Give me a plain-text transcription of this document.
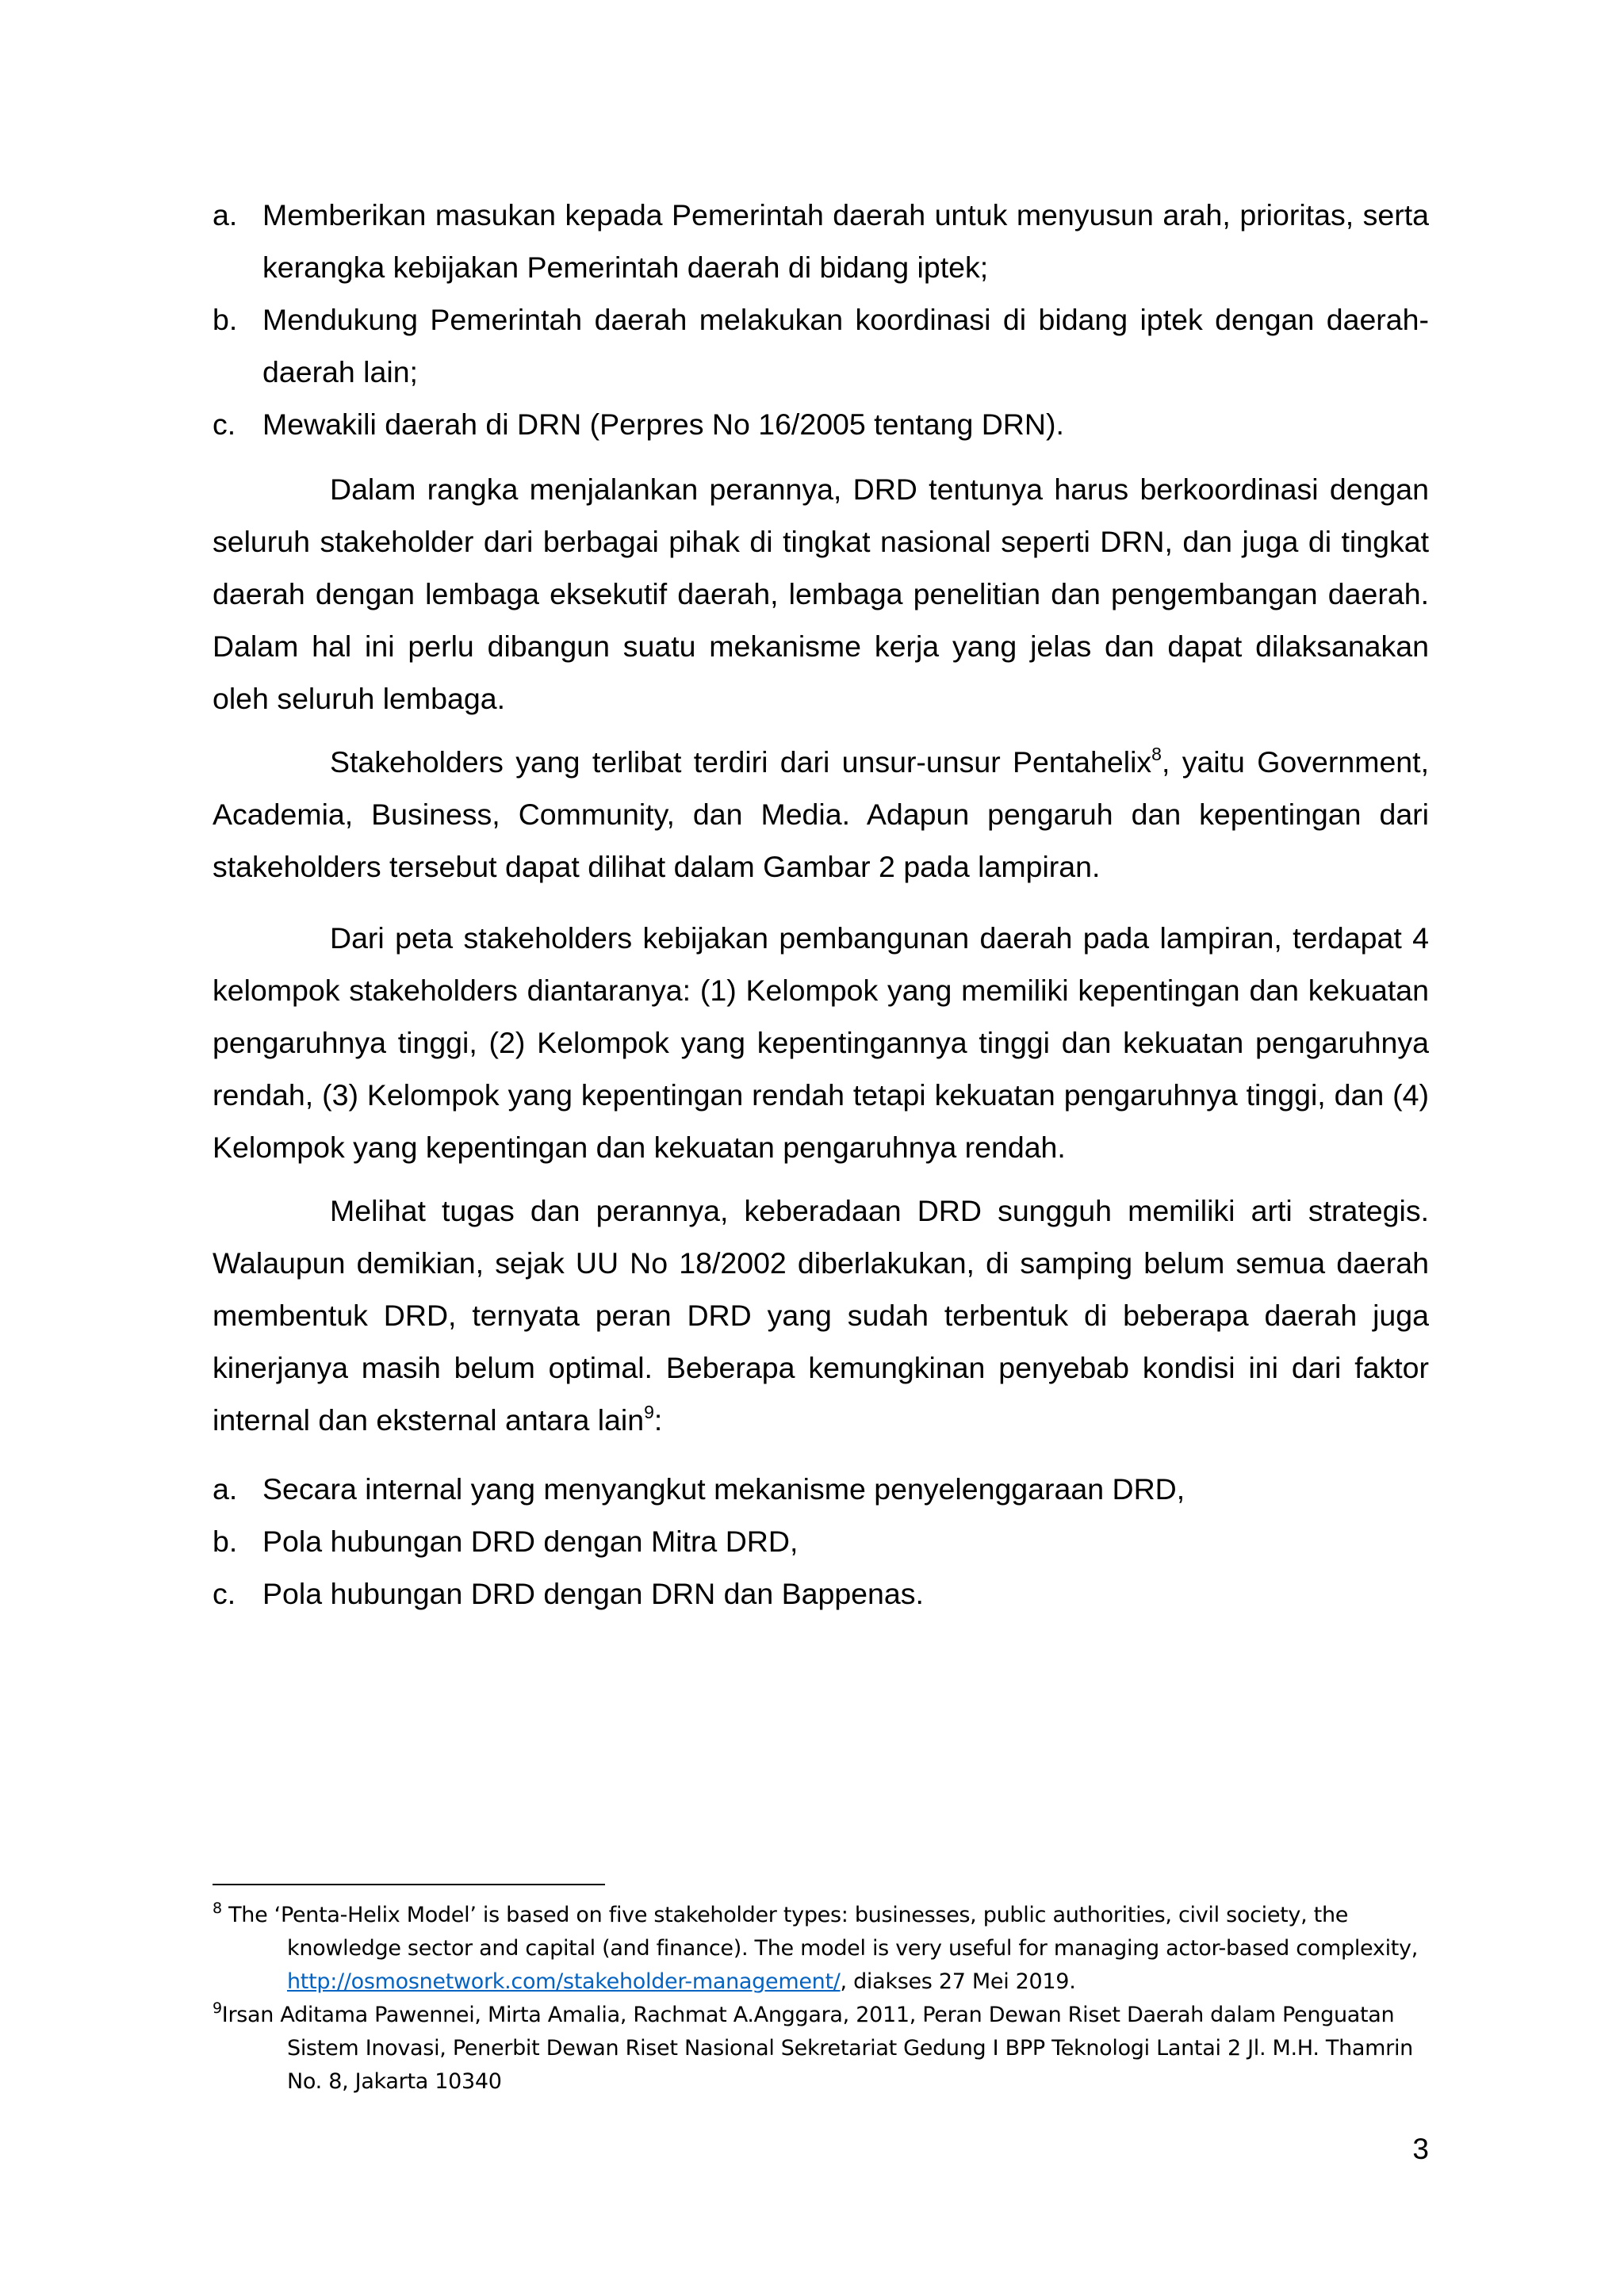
a. Memberikan masukan kepada Pemerintah daerah untuk menyusun arah, prioritas, serta kerangka kebijakan Pemerintah daerah di bidang iptek;
b. Mendukung Pemerintah daerah melakukan koordinasi di bidang iptek dengan daerah-daerah lain;
c. Mewakili daerah di DRN (Perpres No 16/2005 tentang DRN).

Dalam rangka menjalankan perannya, DRD tentunya harus berkoordinasi dengan seluruh stakeholder dari berbagai pihak di tingkat nasional seperti DRN, dan juga di tingkat daerah dengan lembaga eksekutif daerah, lembaga penelitian dan pengembangan daerah. Dalam hal ini perlu dibangun suatu mekanisme kerja yang jelas dan dapat dilaksanakan oleh seluruh lembaga.

Stakeholders yang terlibat terdiri dari unsur-unsur Pentahelix$^8$, yaitu Government, Academia, Business, Community, dan Media. Adapun pengaruh dan kepentingan dari stakeholders tersebut dapat dilihat dalam Gambar 2 pada lampiran.

Dari peta stakeholders kebijakan pembangunan daerah pada lampiran, terdapat 4 kelompok stakeholders diantaranya: (1) Kelompok yang memiliki kepentingan dan kekuatan pengaruhnya tinggi, (2) Kelompok yang kepentingannya tinggi dan kekuatan pengaruhnya rendah, (3) Kelompok yang kepentingan rendah tetapi kekuatan pengaruhnya tinggi, dan (4) Kelompok yang kepentingan dan kekuatan pengaruhnya rendah.

Melihat tugas dan perannya, keberadaan DRD sungguh memiliki arti strategis. Walaupun demikian, sejak UU No 18/2002 diberlakukan, di samping belum semua daerah membentuk DRD, ternyata peran DRD yang sudah terbentuk di beberapa daerah juga kinerjanya masih belum optimal. Beberapa kemungkinan penyebab kondisi ini dari faktor internal dan eksternal antara lain$^9$:

a. Secara internal yang menyangkut mekanisme penyelenggaraan DRD,
b. Pola hubungan DRD dengan Mitra DRD,
c. Pola hubungan DRD dengan DRN dan Bappenas.

$^8$ The ‘Penta-Helix Model’ is based on five stakeholder types: businesses, public authorities, civil society, the knowledge sector and capital (and finance). The model is very useful for managing actor-based complexity, http://osmosnetwork.com/stakeholder-management/, diakses 27 Mei 2019.

$^9$Irsan Aditama Pawennei, Mirta Amalia, Rachmat A.Anggara, 2011, Peran Dewan Riset Daerah dalam Penguatan Sistem Inovasi, Penerbit Dewan Riset Nasional Sekretariat Gedung I BPP Teknologi Lantai 2 Jl. M.H. Thamrin No. 8, Jakarta 10340

3
